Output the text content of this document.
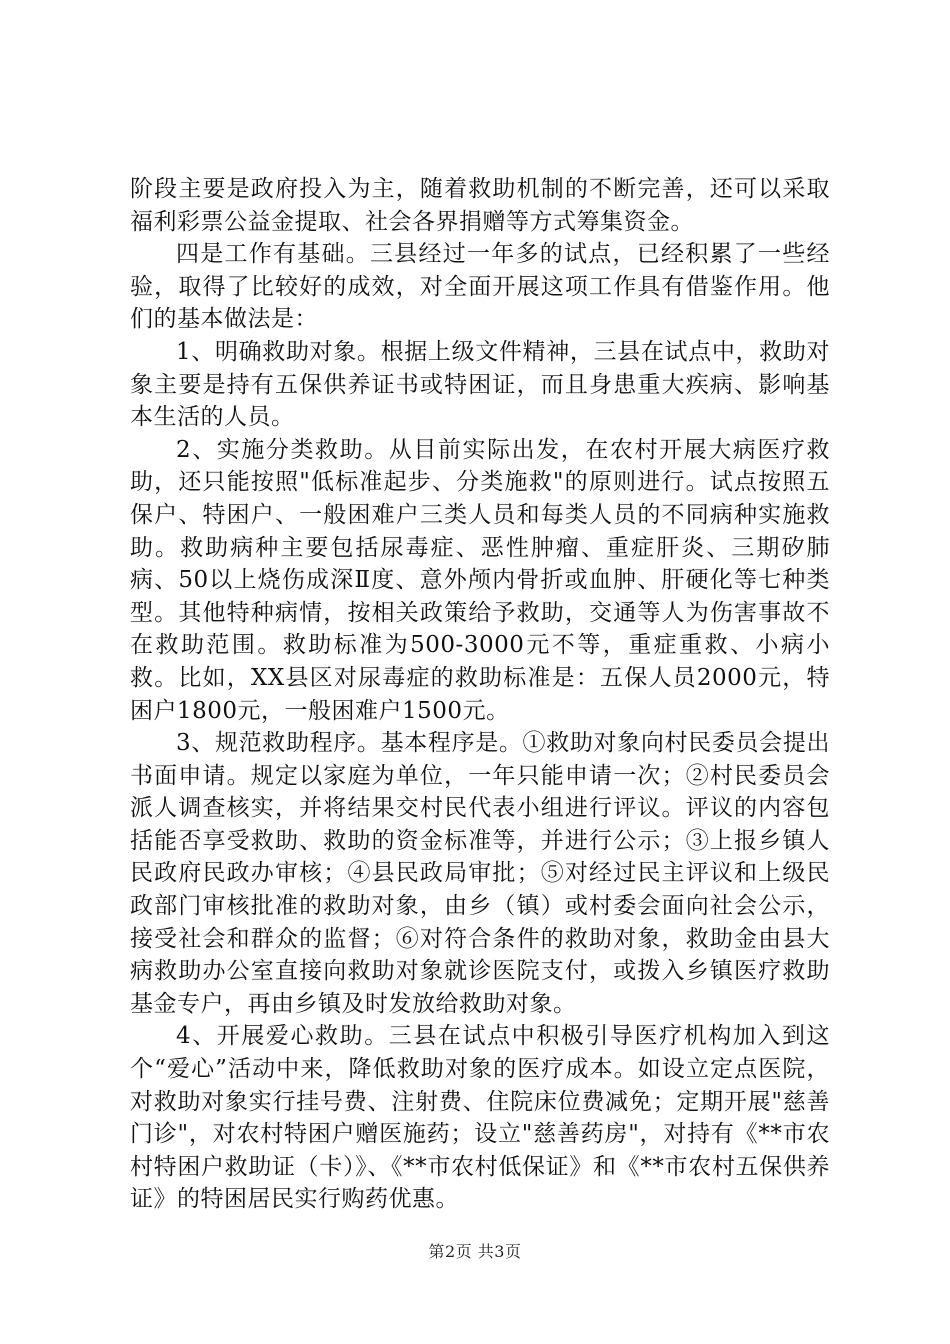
阶段主要是政府投入为主，随着救助机制的不断完善，还可以采取福利彩票公益金提取、社会各界捐赠等方式筹集资金。

四是工作有基础。三县经过一年多的试点，已经积累了一些经验，取得了比较好的成效，对全面开展这项工作具有借鉴作用。他们的基本做法是：

1、明确救助对象。根据上级文件精神，三县在试点中，救助对象主要是持有五保供养证书或特困证，而且身患重大疾病、影响基本生活的人员。

2、实施分类救助。从目前实际出发，在农村开展大病医疗救助，还只能按照"低标准起步、分类施救"的原则进行。试点按照五保户、特困户、一般困难户三类人员和每类人员的不同病种实施救助。救助病种主要包括尿毒症、恶性肿瘤、重症肝炎、三期矽肺病、50以上烧伤成深Ⅱ度、意外颅内骨折或血肿、肝硬化等七种类型。其他特种病情，按相关政策给予救助，交通等人为伤害事故不在救助范围。救助标准为500-3000元不等，重症重救、小病小救。比如，XX县区对尿毒症的救助标准是：五保人员2000元，特困户1800元，一般困难户1500元。

3、规范救助程序。基本程序是。①救助对象向村民委员会提出书面申请。规定以家庭为单位，一年只能申请一次；②村民委员会派人调查核实，并将结果交村民代表小组进行评议。评议的内容包括能否享受救助、救助的资金标准等，并进行公示；③上报乡镇人民政府民政办审核；④县民政局审批；⑤对经过民主评议和上级民政部门审核批准的救助对象，由乡（镇）或村委会面向社会公示，接受社会和群众的监督；⑥对符合条件的救助对象，救助金由县大病救助办公室直接向救助对象就诊医院支付，或拨入乡镇医疗救助基金专户，再由乡镇及时发放给救助对象。

4、开展爱心救助。三县在试点中积极引导医疗机构加入到这个“爱心”活动中来，降低救助对象的医疗成本。如设立定点医院，对救助对象实行挂号费、注射费、住院床位费减免；定期开展"慈善门诊"，对农村特困户赠医施药；设立"慈善药房"，对持有《**市农村特困户救助证（卡）》、《**市农村低保证》和《**市农村五保供养证》的特困居民实行购药优惠。

第2页 共3页
